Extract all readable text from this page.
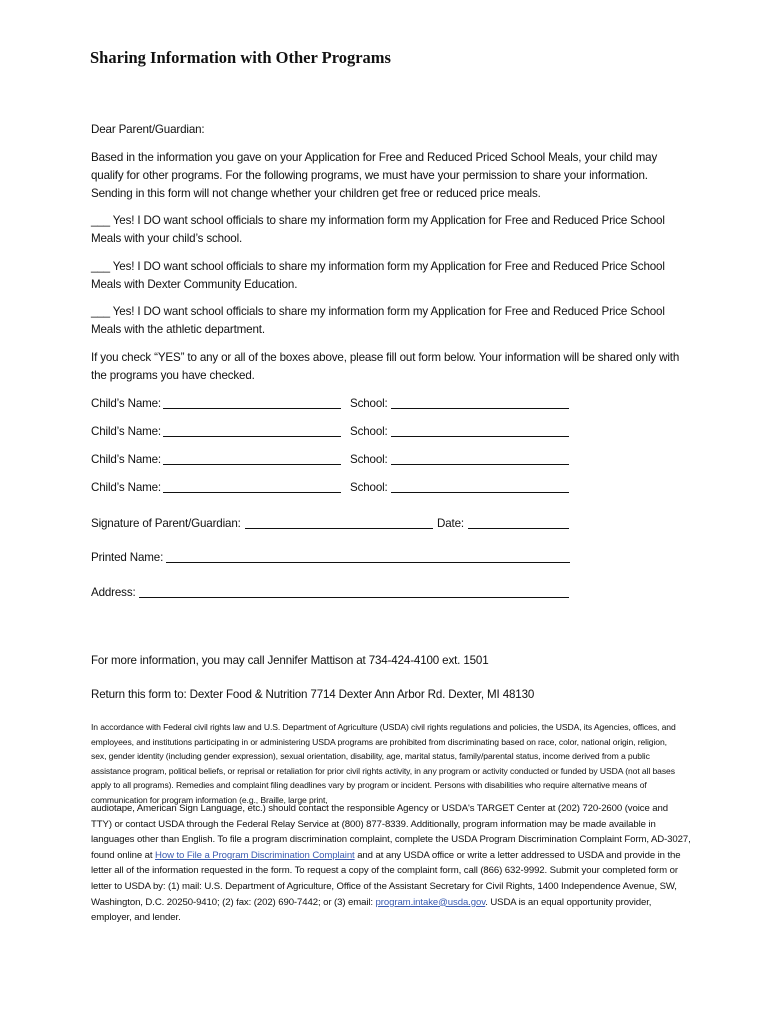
Sharing Information with Other Programs
Dear Parent/Guardian:
Based in the information you gave on your Application for Free and Reduced Priced School Meals, your child may qualify for other programs. For the following programs, we must have your permission to share your information. Sending in this form will not change whether your children get free or reduced price meals.
___ Yes! I DO want school officials to share my information form my Application for Free and Reduced Price School Meals with your child’s school.
___ Yes! I DO want school officials to share my information form my Application for Free and Reduced Price School Meals with Dexter Community Education.
___ Yes! I DO want school officials to share my information form my Application for Free and Reduced Price School Meals with the athletic department.
If you check “YES” to any or all of the boxes above, please fill out form below. Your information will be shared only with the programs you have checked.
Child’s Name:	School:
Child’s Name:	School:
Child’s Name:	School:
Child’s Name:	School:
Signature of Parent/Guardian:	Date:
Printed Name:
Address:
For more information, you may call Jennifer Mattison at 734-424-4100 ext. 1501
Return this form to: Dexter Food & Nutrition 7714 Dexter Ann Arbor Rd. Dexter, MI 48130
In accordance with Federal civil rights law and U.S. Department of Agriculture (USDA) civil rights regulations and policies, the USDA, its Agencies, offices, and employees, and institutions participating in or administering USDA programs are prohibited from discriminating based on race, color, national origin, religion, sex, gender identity (including gender expression), sexual orientation, disability, age, marital status, family/parental status, income derived from a public assistance program, political beliefs, or reprisal or retaliation for prior civil rights activity, in any program or activity conducted or funded by USDA (not all bases apply to all programs). Remedies and complaint filing deadlines vary by program or incident. Persons with disabilities who require alternative means of communication for program information (e.g., Braille, large print,
audiotape, American Sign Language, etc.) should contact the responsible Agency or USDA's TARGET Center at (202) 720-2600 (voice and TTY) or contact USDA through the Federal Relay Service at (800) 877-8339. Additionally, program information may be made available in languages other than English. To file a program discrimination complaint, complete the USDA Program Discrimination Complaint Form, AD-3027, found online at How to File a Program Discrimination Complaint and at any USDA office or write a letter addressed to USDA and provide in the letter all of the information requested in the form. To request a copy of the complaint form, call (866) 632-9992. Submit your completed form or letter to USDA by: (1) mail: U.S. Department of Agriculture, Office of the Assistant Secretary for Civil Rights, 1400 Independence Avenue, SW, Washington, D.C. 20250-9410; (2) fax: (202) 690-7442; or (3) email: program.intake@usda.gov. USDA is an equal opportunity provider, employer, and lender.
